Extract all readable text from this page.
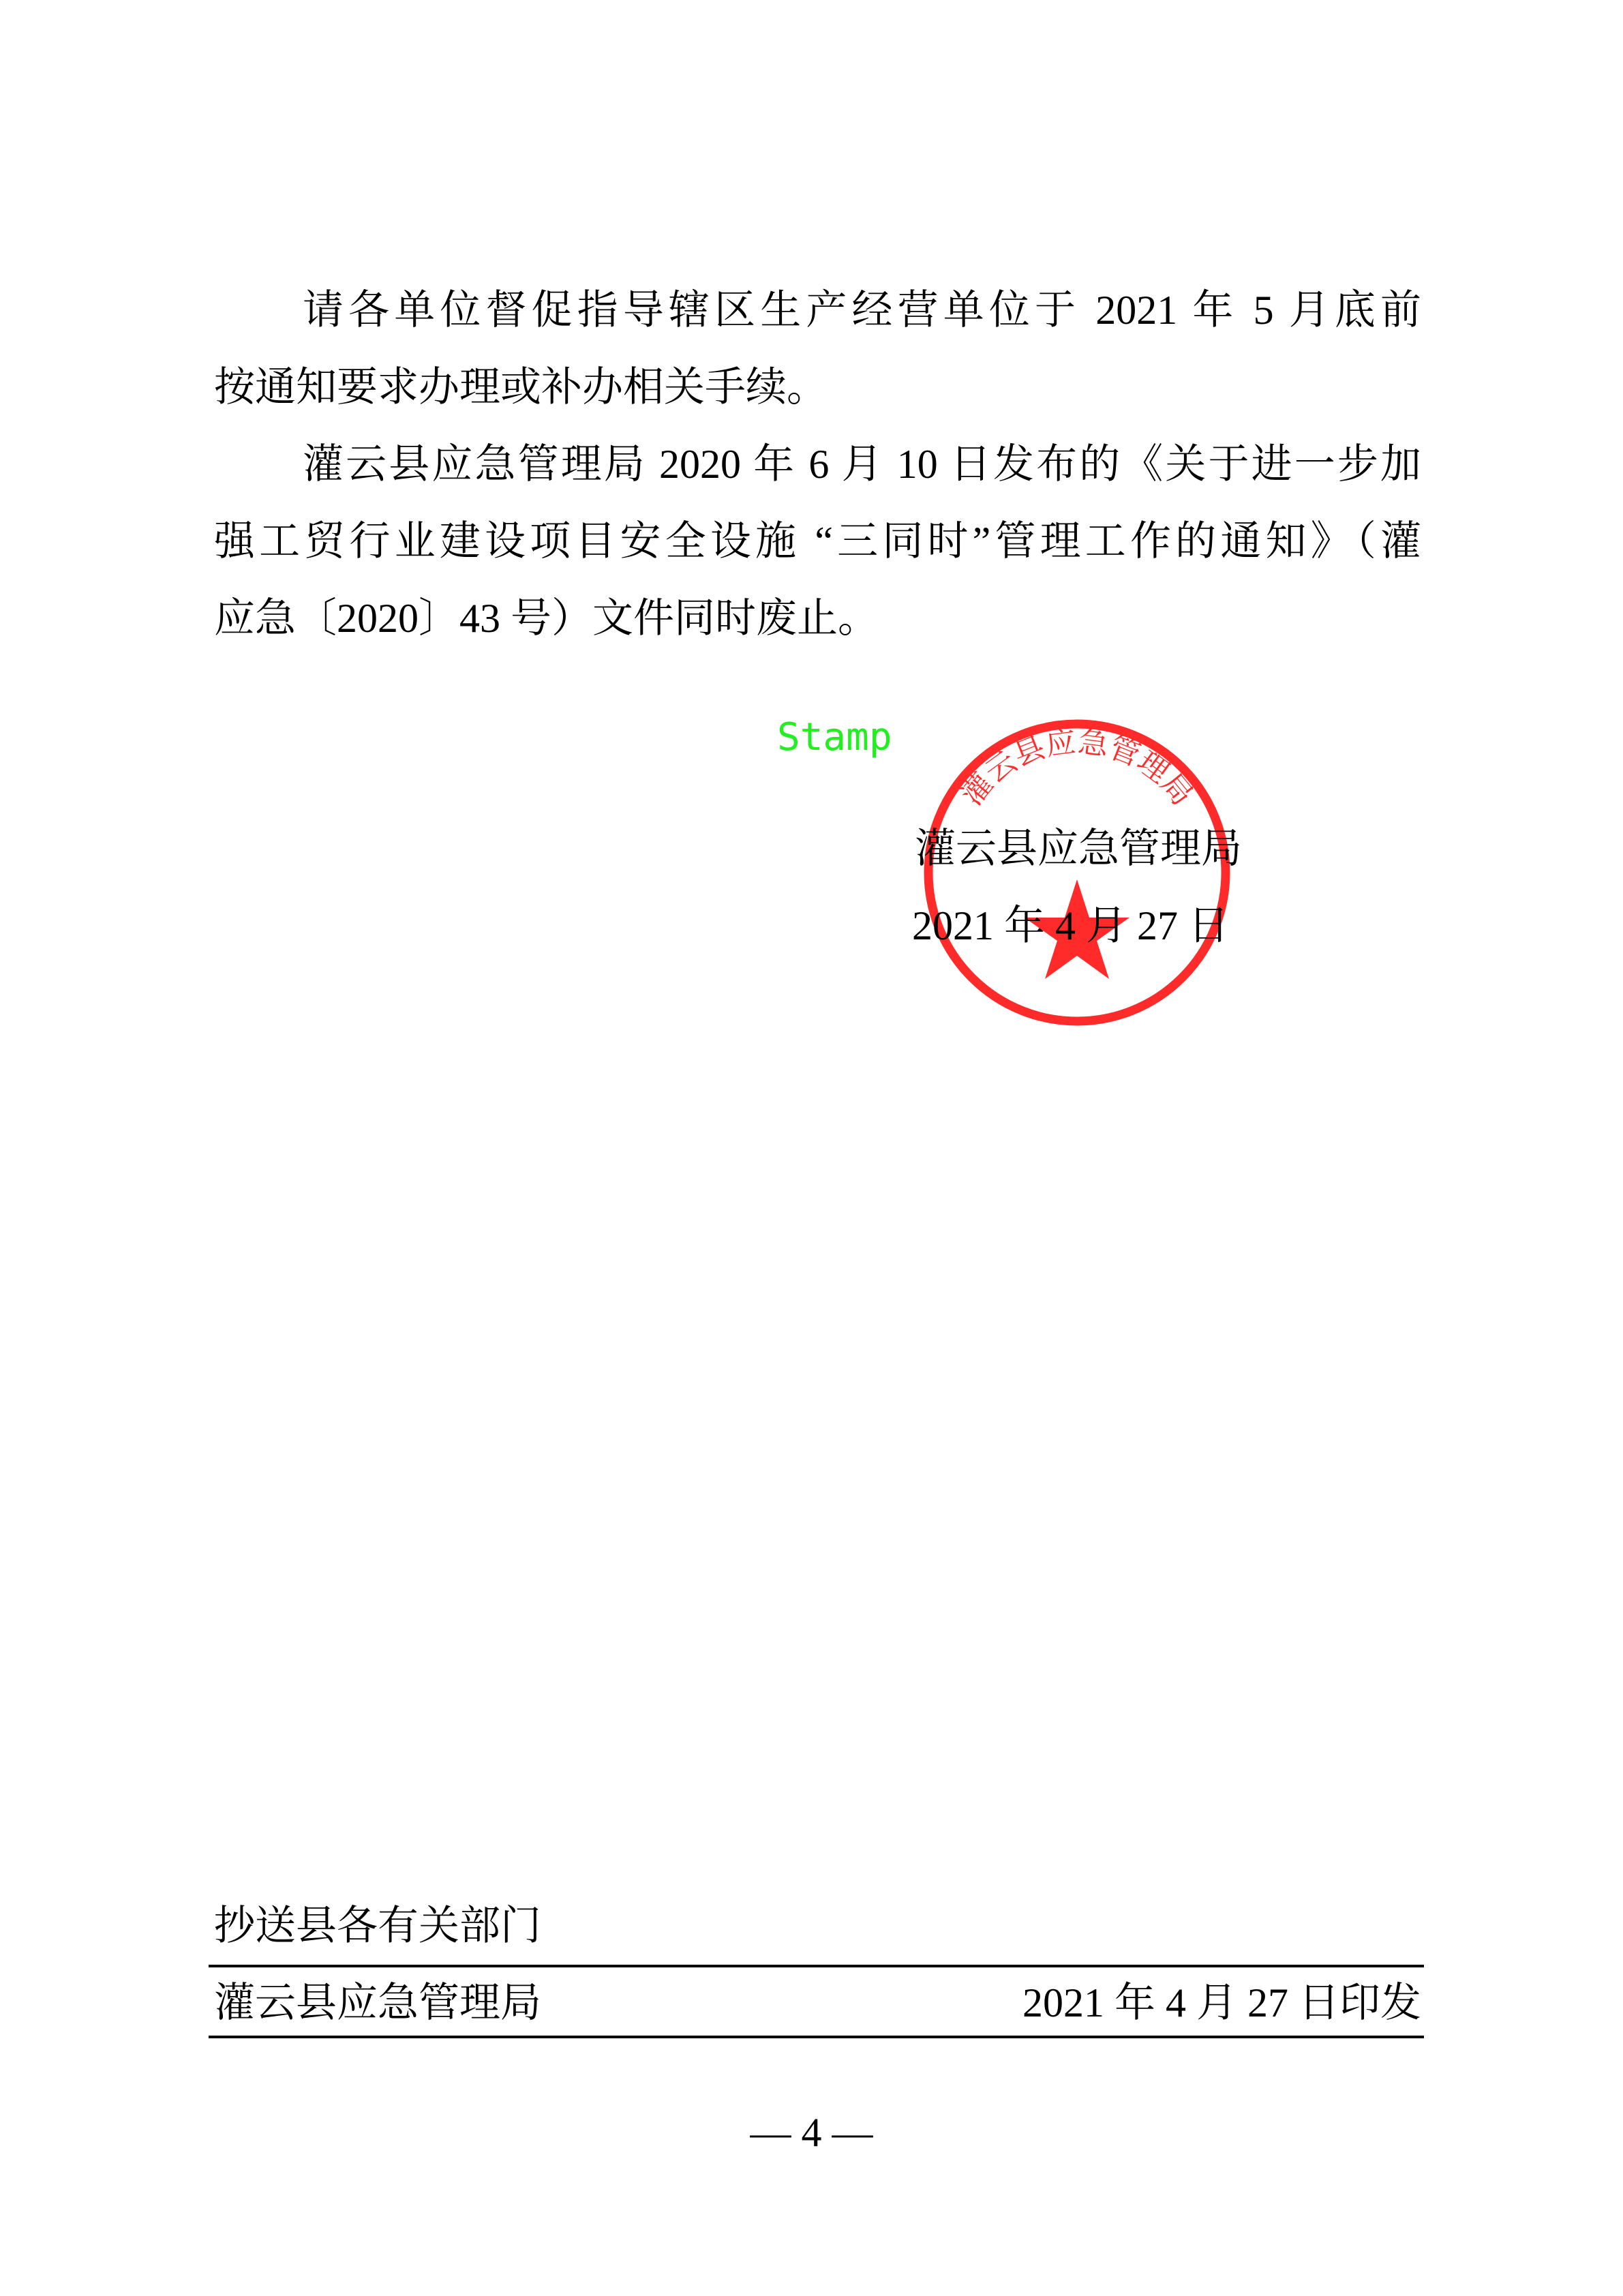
请各单位督促指导辖区生产经营单位于 2021 年 5 月底前
按通知要求办理或补办相关手续。
灌云县应急管理局 2020 年 6 月 10 日发布的《关于进一步加
强工贸行业建设项目安全设施 “三同时”管理工作的通知》（灌
应急〔2020〕43 号）文件同时废止。
灌云县应急管理局
Stamp
灌云县应急管理局
2021 年 4 月 27 日
抄送县各有关部门
灌云县应急管理局	2021 年 4 月 27 日印发
— 4 —
